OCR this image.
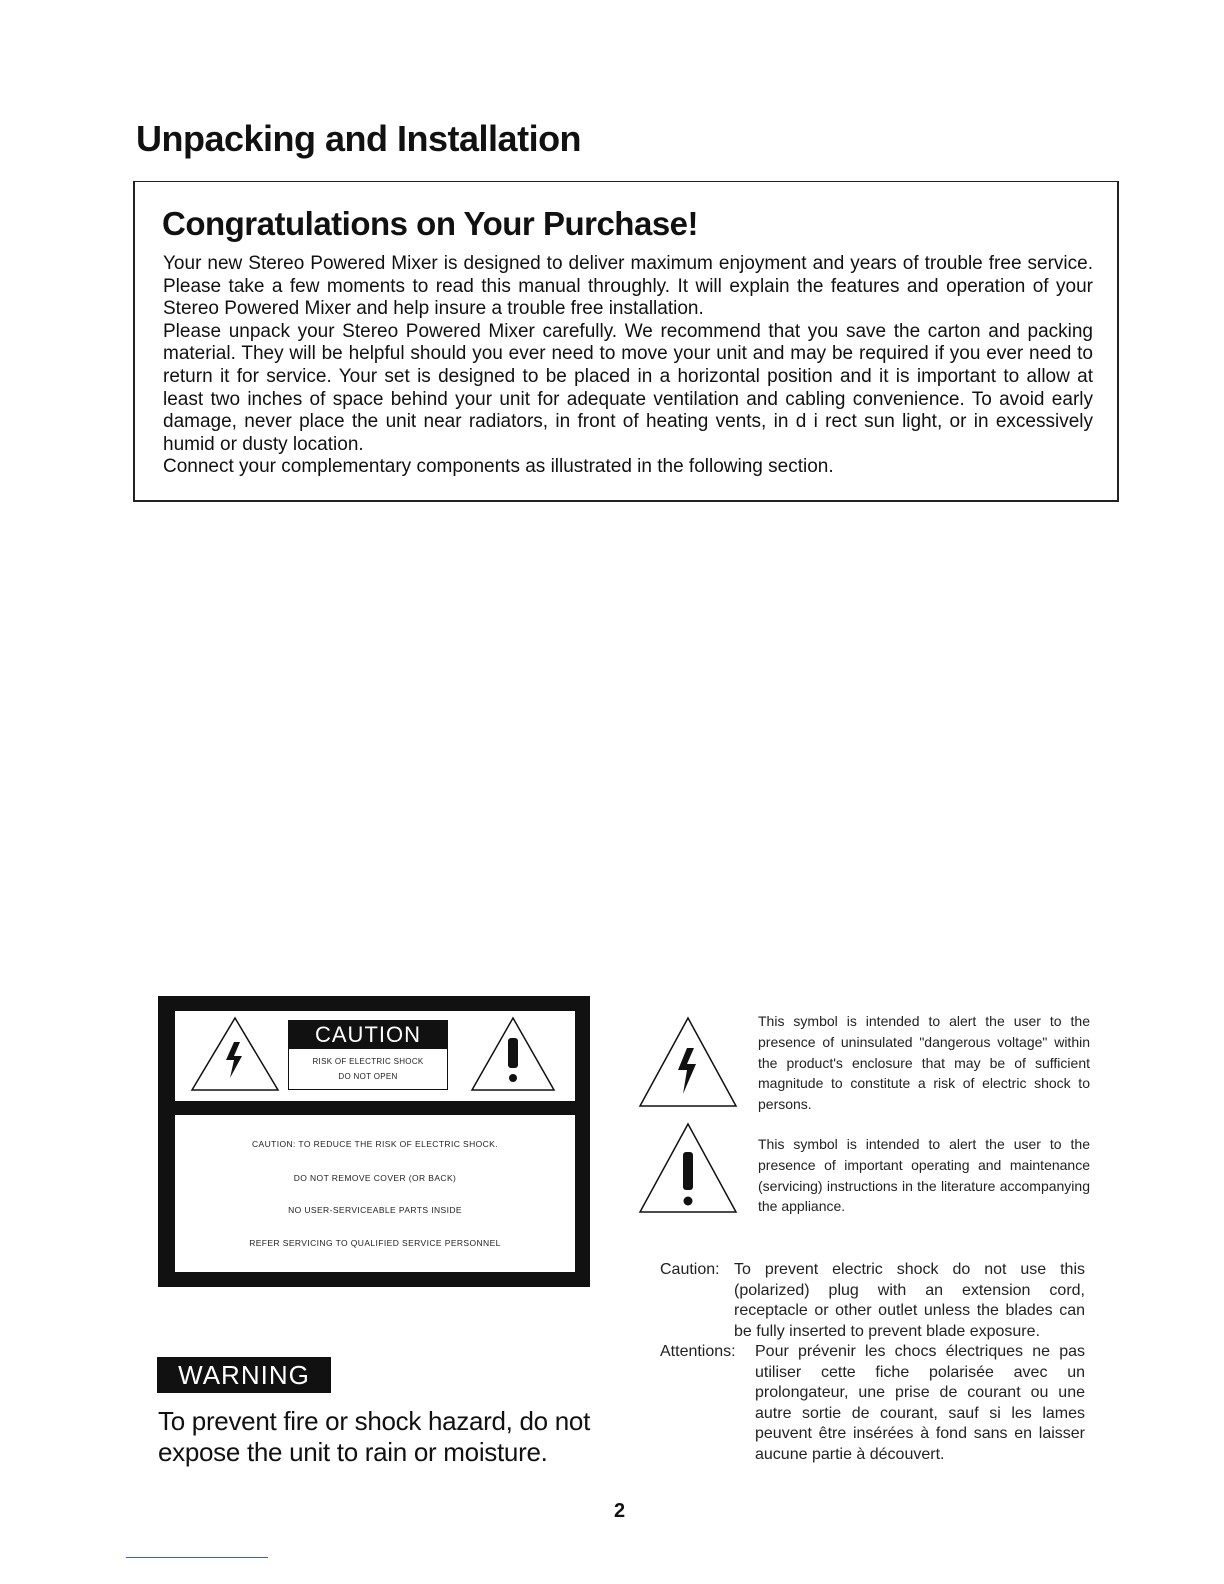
Unpacking and Installation
Congratulations on Your Purchase!

Your new Stereo Powered Mixer is designed to deliver maximum enjoyment and years of trouble free service. Please take a few moments to read this manual throughly. It will explain the features and operation of your Stereo Powered Mixer and help insure a trouble free installation.

Please unpack your Stereo Powered Mixer carefully. We recommend that you save the carton and packing material. They will be helpful should you ever need to move your unit and may be required if you ever need to return it for service. Your set is designed to be placed in a horizontal position and it is important to allow at least two inches of space behind your unit for adequate ventilation and cabling convenience. To avoid early damage, never place the unit near radiators, in front of heating vents, in d i rect sun light, or in excessively humid or dusty location.

Connect your complementary components as illustrated in the following section.

CAUTION
RISK OF ELECTRIC SHOCK
DO NOT OPEN
CAUTION: TO REDUCE THE RISK OF ELECTRIC SHOCK.
DO NOT REMOVE COVER (OR BACK)
NO USER-SERVICEABLE PARTS INSIDE
REFER SERVICING TO QUALIFIED SERVICE PERSONNEL
WARNING
To prevent fire or shock hazard, do not expose the unit to rain or moisture.
This symbol is intended to alert the user to the presence of uninsulated "dangerous voltage" within the product's enclosure that may be of sufficient magnitude to constitute a risk of electric shock to persons.
This symbol is intended to alert the user to the presence of important operating and maintenance (servicing) instructions in the literature accompanying the appliance.
Caution: To prevent electric shock do not use this (polarized) plug with an extension cord, receptacle or other outlet unless the blades can be fully inserted to prevent blade exposure.
Attentions: Pour prévenir les chocs électriques ne pas utiliser cette fiche polarisée avec un prolongateur, une prise de courant ou une autre sortie de courant, sauf si les lames peuvent être insérées à fond sans en laisser aucune partie à découvert.
2
